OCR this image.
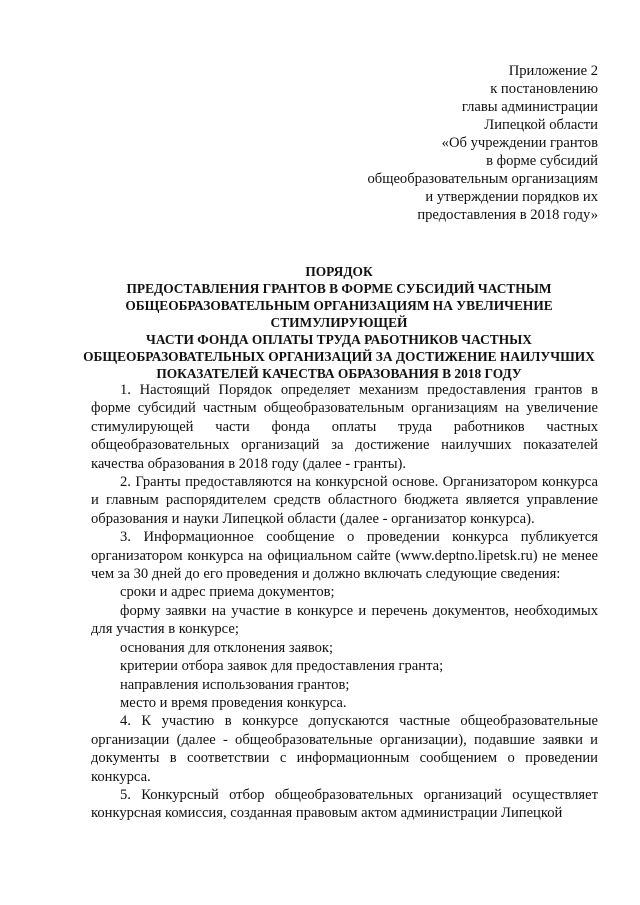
Приложение 2
к постановлению
главы администрации
Липецкой области
«Об учреждении грантов
в форме субсидий
общеобразовательным организациям
и утверждении порядков их
предоставления в 2018 году»
ПОРЯДОК
ПРЕДОСТАВЛЕНИЯ ГРАНТОВ В ФОРМЕ СУБСИДИЙ ЧАСТНЫМ
ОБЩЕОБРАЗОВАТЕЛЬНЫМ ОРГАНИЗАЦИЯМ НА УВЕЛИЧЕНИЕ
СТИМУЛИРУЮЩЕЙ
ЧАСТИ ФОНДА ОПЛАТЫ ТРУДА РАБОТНИКОВ ЧАСТНЫХ
ОБЩЕОБРАЗОВАТЕЛЬНЫХ ОРГАНИЗАЦИЙ ЗА ДОСТИЖЕНИЕ НАИЛУЧШИХ
ПОКАЗАТЕЛЕЙ КАЧЕСТВА ОБРАЗОВАНИЯ В 2018 ГОДУ

1. Настоящий Порядок определяет механизм предоставления грантов в форме субсидий частным общеобразовательным организациям на увеличение стимулирующей части фонда оплаты труда работников частных общеобразовательных организаций за достижение наилучших показателей качества образования в 2018 году (далее - гранты).

2. Гранты предоставляются на конкурсной основе. Организатором конкурса и главным распорядителем средств областного бюджета является управление образования и науки Липецкой области (далее - организатор конкурса).

3. Информационное сообщение о проведении конкурса публикуется организатором конкурса на официальном сайте (www.deptno.lipetsk.ru) не менее чем за 30 дней до его проведения и должно включать следующие сведения:

сроки и адрес приема документов;

форму заявки на участие в конкурсе и перечень документов, необходимых для участия в конкурсе;

основания для отклонения заявок;

критерии отбора заявок для предоставления гранта;

направления использования грантов;

место и время проведения конкурса.

4. К участию в конкурсе допускаются частные общеобразовательные организации (далее - общеобразовательные организации), подавшие заявки и документы в соответствии с информационным сообщением о проведении конкурса.

5. Конкурсный отбор общеобразовательных организаций осуществляет конкурсная комиссия, созданная правовым актом администрации Липецкой
